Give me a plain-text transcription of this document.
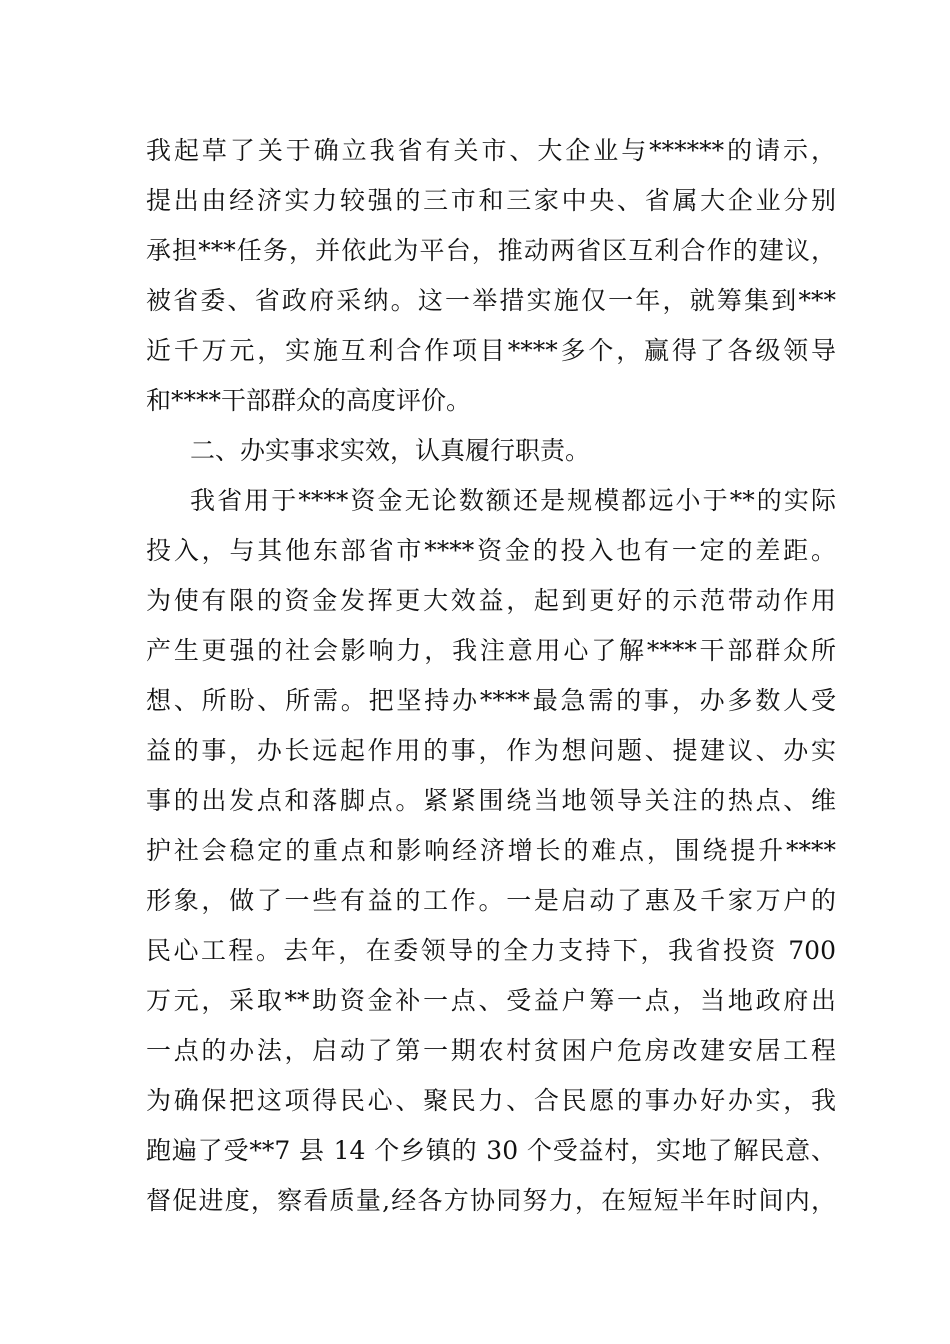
我起草了关于确立我省有关市、大企业与******的请示，
提出由经济实力较强的三市和三家中央、省属大企业分别
承担***任务，并依此为平台，推动两省区互利合作的建议，
被省委、省政府采纳。这一举措实施仅一年，就筹集到***
近千万元，实施互利合作项目****多个，赢得了各级领导
和****干部群众的高度评价。
二、办实事求实效，认真履行职责。
我省用于****资金无论数额还是规模都远小于**的实际
投入，与其他东部省市****资金的投入也有一定的差距。
为使有限的资金发挥更大效益，起到更好的示范带动作用
产生更强的社会影响力，我注意用心了解****干部群众所
想、所盼、所需。把坚持办****最急需的事，办多数人受
益的事，办长远起作用的事，作为想问题、提建议、办实
事的出发点和落脚点。紧紧围绕当地领导关注的热点、维
护社会稳定的重点和影响经济增长的难点，围绕提升****
形象，做了一些有益的工作。一是启动了惠及千家万户的
民心工程。去年，在委领导的全力支持下，我省投资 700
万元，采取**助资金补一点、受益户筹一点，当地政府出
一点的办法，启动了第一期农村贫困户危房改建安居工程
为确保把这项得民心、聚民力、合民愿的事办好办实，我
跑遍了受**7 县 14 个乡镇的 30 个受益村，实地了解民意、
督促进度，察看质量,经各方协同努力，在短短半年时间内，
